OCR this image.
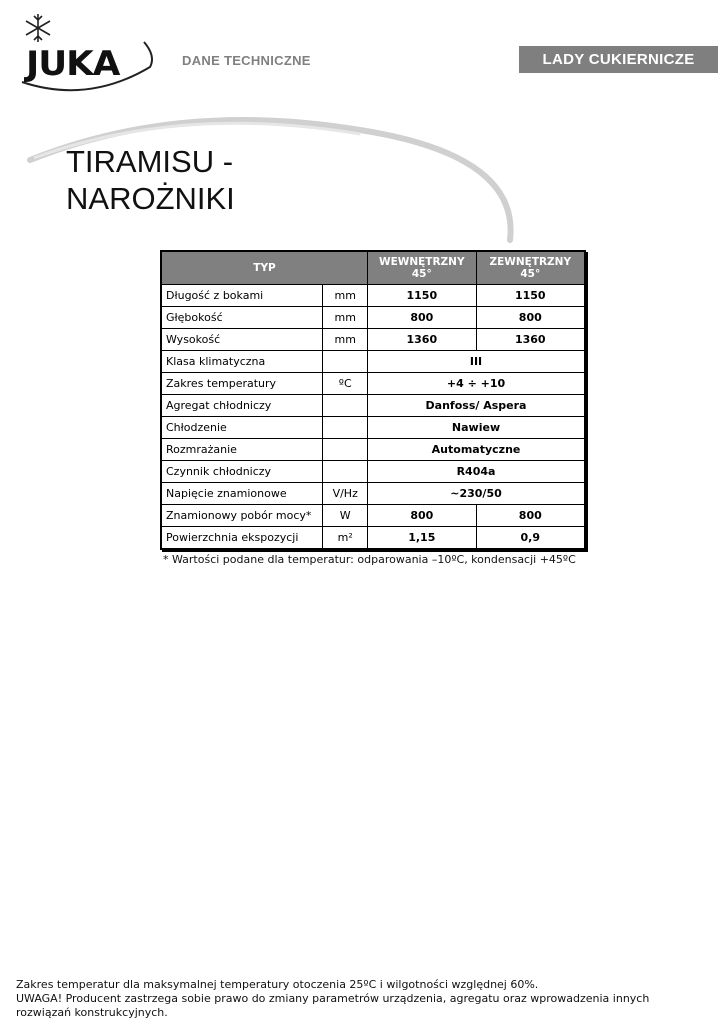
JUKA	DANE TECHNICZNE	LADY CUKIERNICZE
TIRAMISU -
NAROŻNIKI
TYP		WEWNĘTRZNY 45°	ZEWNĘTRZNY 45°
Długość z bokami	mm	1150	1150
Głębokość	mm	800	800
Wysokość	mm	1360	1360
Klasa klimatyczna		III	
Zakres temperatury	ºC	+4 ÷ +10	
Agregat chłodniczy		Danfoss/ Aspera	
Chłodzenie		Nawiew	
Rozmrażanie		Automatyczne	
Czynnik chłodniczy		R404a	
Napięcie znamionowe	V/Hz	~230/50	
Znamionowy pobór mocy*	W	800	800
Powierzchnia ekspozycji	m²	1,15	0,9
* Wartości podane dla temperatur: odparowania –10ºC, kondensacji +45ºC
Zakres temperatur dla maksymalnej temperatury otoczenia 25ºC i wilgotności względnej 60%.
UWAGA! Producent zastrzega sobie prawo do zmiany parametrów urządzenia, agregatu oraz wprowadzenia innych rozwiązań konstrukcyjnych.
